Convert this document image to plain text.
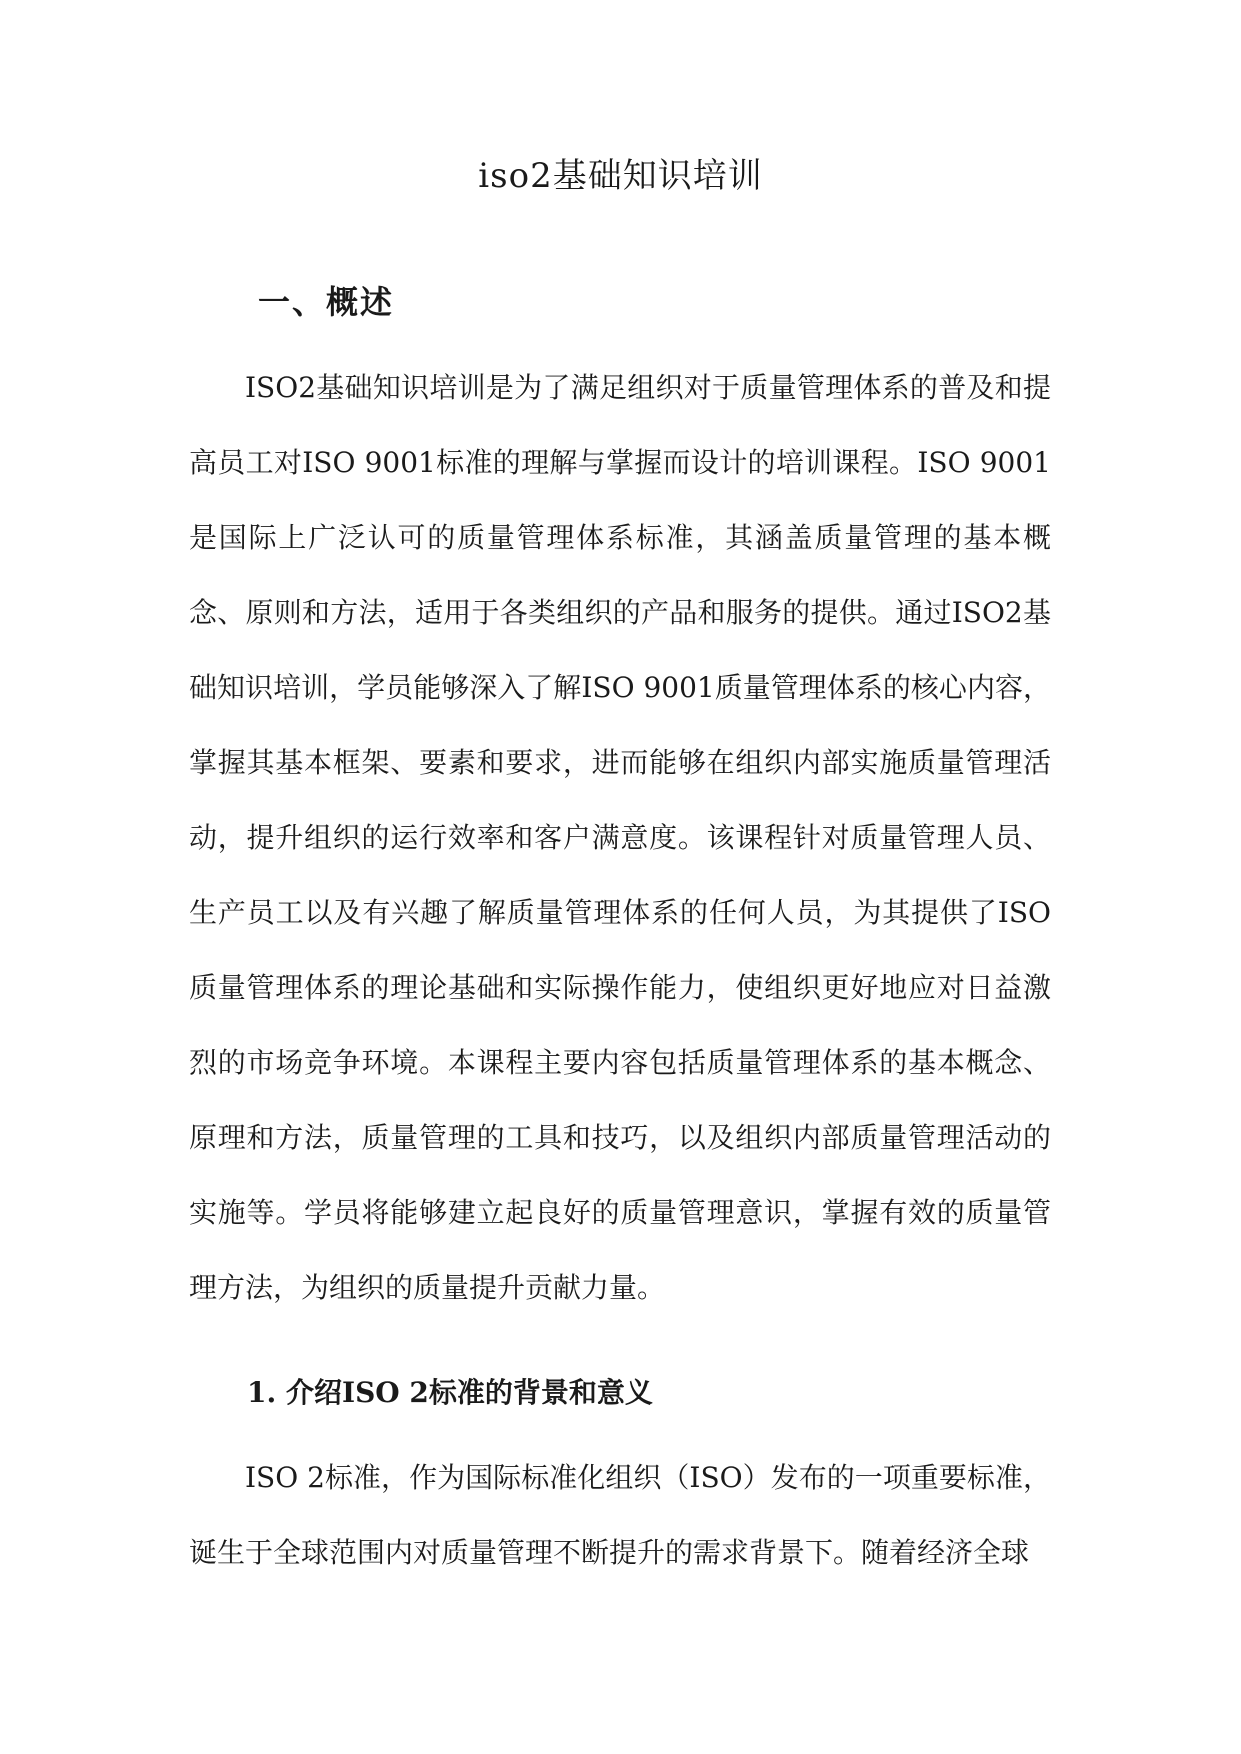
iso2基础知识培训
一、概述

ISO2基础知识培训是为了满足组织对于质量管理体系的普及和提高员工对ISO 9001标准的理解与掌握而设计的培训课程。ISO 9001是国际上广泛认可的质量管理体系标准，其涵盖质量管理的基本概念、原则和方法，适用于各类组织的产品和服务的提供。通过ISO2基础知识培训，学员能够深入了解ISO 9001质量管理体系的核心内容，掌握其基本框架、要素和要求，进而能够在组织内部实施质量管理活动，提升组织的运行效率和客户满意度。该课程针对质量管理人员、生产员工以及有兴趣了解质量管理体系的任何人员，为其提供了ISO质量管理体系的理论基础和实际操作能力，使组织更好地应对日益激烈的市场竞争环境。本课程主要内容包括质量管理体系的基本概念、原理和方法，质量管理的工具和技巧，以及组织内部质量管理活动的实施等。学员将能够建立起良好的质量管理意识，掌握有效的质量管理方法，为组织的质量提升贡献力量。

1. 介绍ISO 2标准的背景和意义

ISO 2标准，作为国际标准化组织（ISO）发布的一项重要标准，诞生于全球范围内对质量管理不断提升的需求背景下。随着经济全球
